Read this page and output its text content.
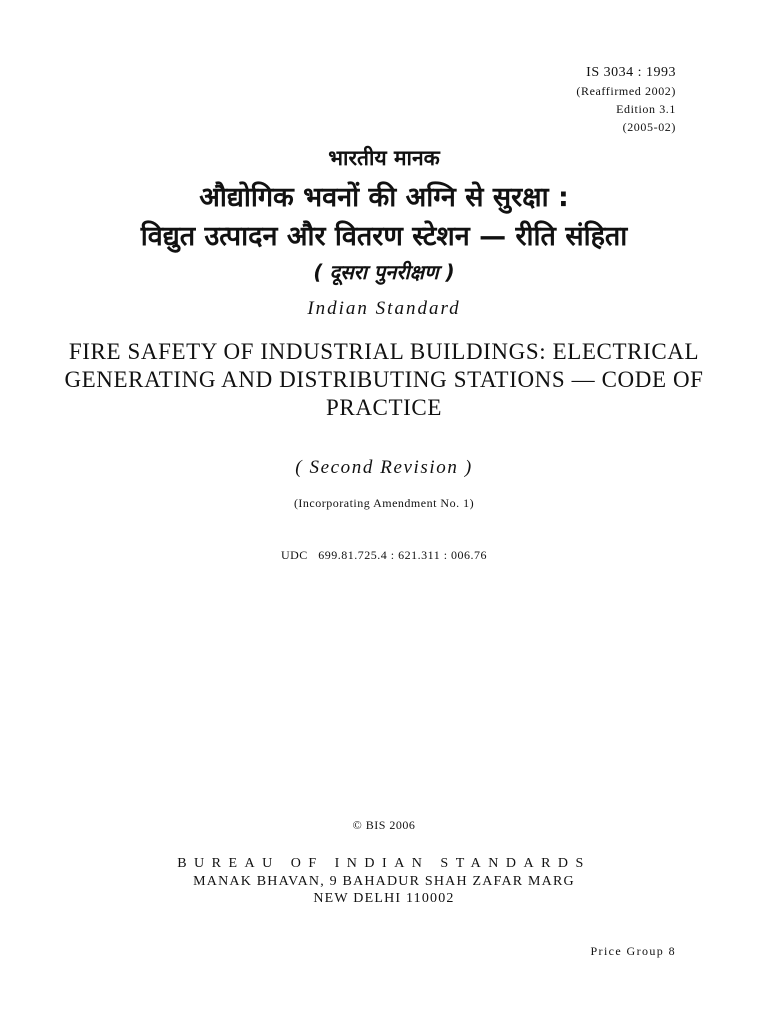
IS 3034 : 1993
(Reaffirmed 2002)
Edition 3.1
(2005-02)
भारतीय मानक
औद्योगिक भवनों की अग्नि से सुरक्षा :
विद्युत उत्पादन और वितरण स्टेशन — रीति संहिता
( दूसरा पुनरीक्षण )
Indian Standard
FIRE SAFETY OF INDUSTRIAL BUILDINGS: ELECTRICAL GENERATING AND DISTRIBUTING STATIONS — CODE OF PRACTICE
( Second Revision )
(Incorporating Amendment No. 1)
UDC   699.81.725.4 : 621.311 : 006.76
© BIS 2006
BUREAU OF INDIAN STANDARDS
MANAK BHAVAN, 9 BAHADUR SHAH ZAFAR MARG
NEW DELHI 110002
Price Group 8
